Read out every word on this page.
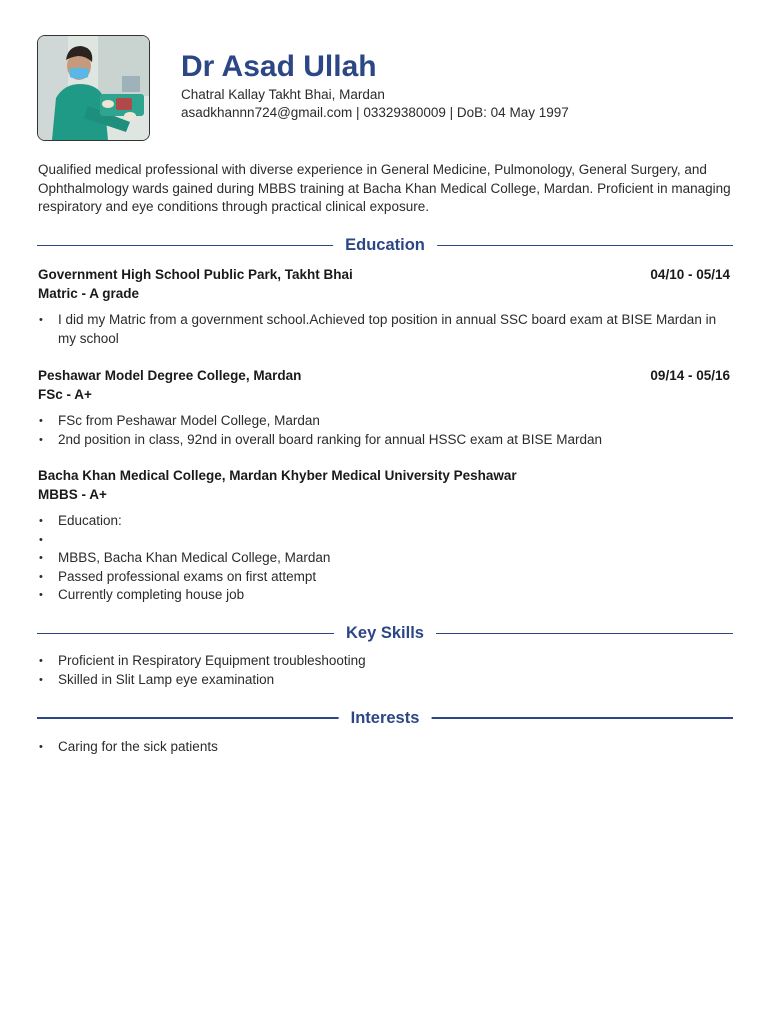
Dr Asad Ullah
Chatral Kallay Takht Bhai, Mardan
asadkhannn724@gmail.com | 03329380009 | DoB: 04 May 1997

Qualified medical professional with diverse experience in General Medicine, Pulmonology, General Surgery, and Ophthalmology wards gained during MBBS training at Bacha Khan Medical College, Mardan. Proficient in managing respiratory and eye conditions through practical clinical exposure.

Education
Government High School Public Park, Takht Bhai	04/10 - 05/14
Matric - A grade
• I did my Matric from a government school.Achieved top position in annual SSC board exam at BISE Mardan in my school
Peshawar Model Degree College, Mardan	09/14 - 05/16
FSc - A+
• FSc from Peshawar Model College, Mardan
• 2nd position in class, 92nd in overall board ranking for annual HSSC exam at BISE Mardan
Bacha Khan Medical College, Mardan Khyber Medical University Peshawar
MBBS - A+
• Education:
•
• MBBS, Bacha Khan Medical College, Mardan
• Passed professional exams on first attempt
• Currently completing house job
Key Skills
• Proficient in Respiratory Equipment troubleshooting
• Skilled in Slit Lamp eye examination
Interests
• Caring for the sick patients
